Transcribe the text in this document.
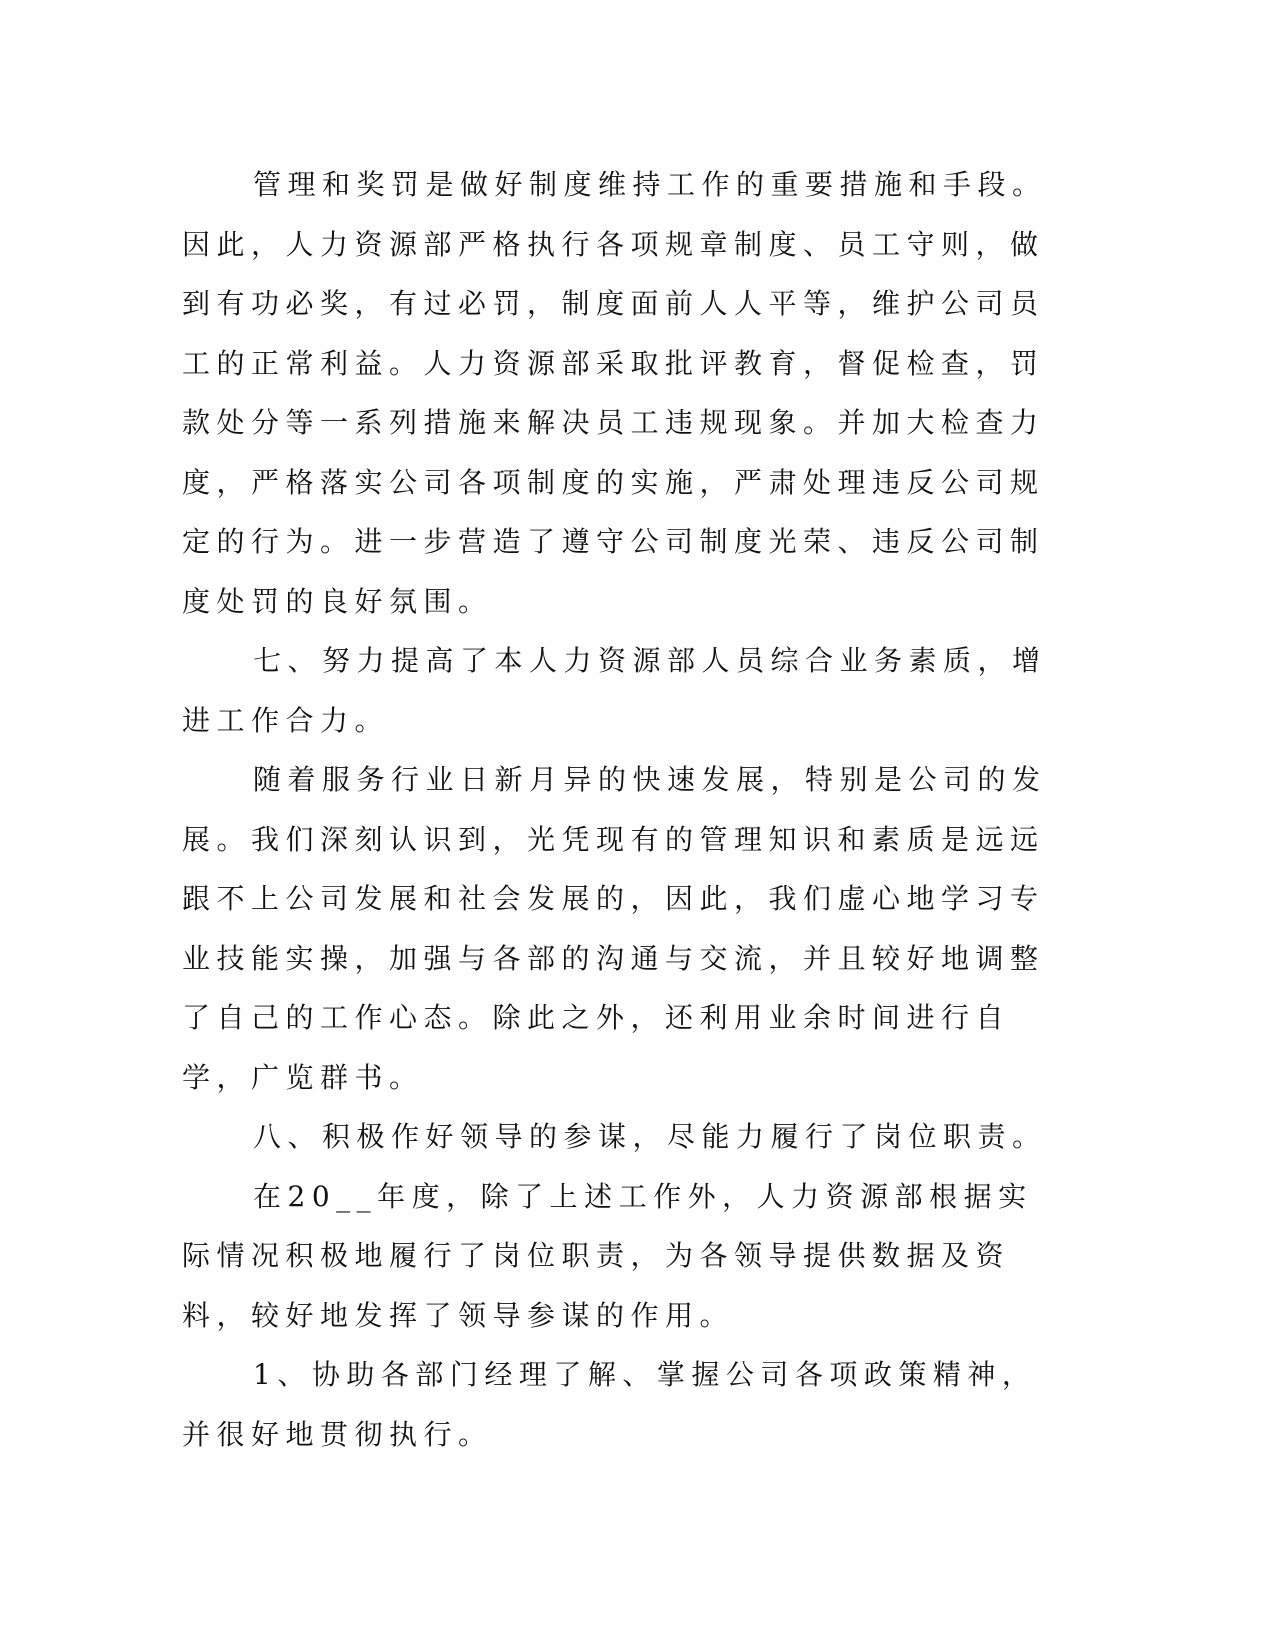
管理和奖罚是做好制度维持工作的重要措施和手段。因此，人力资源部严格执行各项规章制度、员工守则，做到有功必奖，有过必罚，制度面前人人平等，维护公司员工的正常利益。人力资源部采取批评教育，督促检查，罚款处分等一系列措施来解决员工违规现象。并加大检查力度，严格落实公司各项制度的实施，严肃处理违反公司规定的行为。进一步营造了遵守公司制度光荣、违反公司制度处罚的良好氛围。

七、努力提高了本人力资源部人员综合业务素质，增进工作合力。

随着服务行业日新月异的快速发展，特别是公司的发展。我们深刻认识到，光凭现有的管理知识和素质是远远跟不上公司发展和社会发展的，因此，我们虚心地学习专业技能实操，加强与各部的沟通与交流，并且较好地调整了自己的工作心态。除此之外，还利用业余时间进行自学，广览群书。

八、积极作好领导的参谋，尽能力履行了岗位职责。

在20__年度，除了上述工作外，人力资源部根据实际情况积极地履行了岗位职责，为各领导提供数据及资料，较好地发挥了领导参谋的作用。

1、协助各部门经理了解、掌握公司各项政策精神，并很好地贯彻执行。
